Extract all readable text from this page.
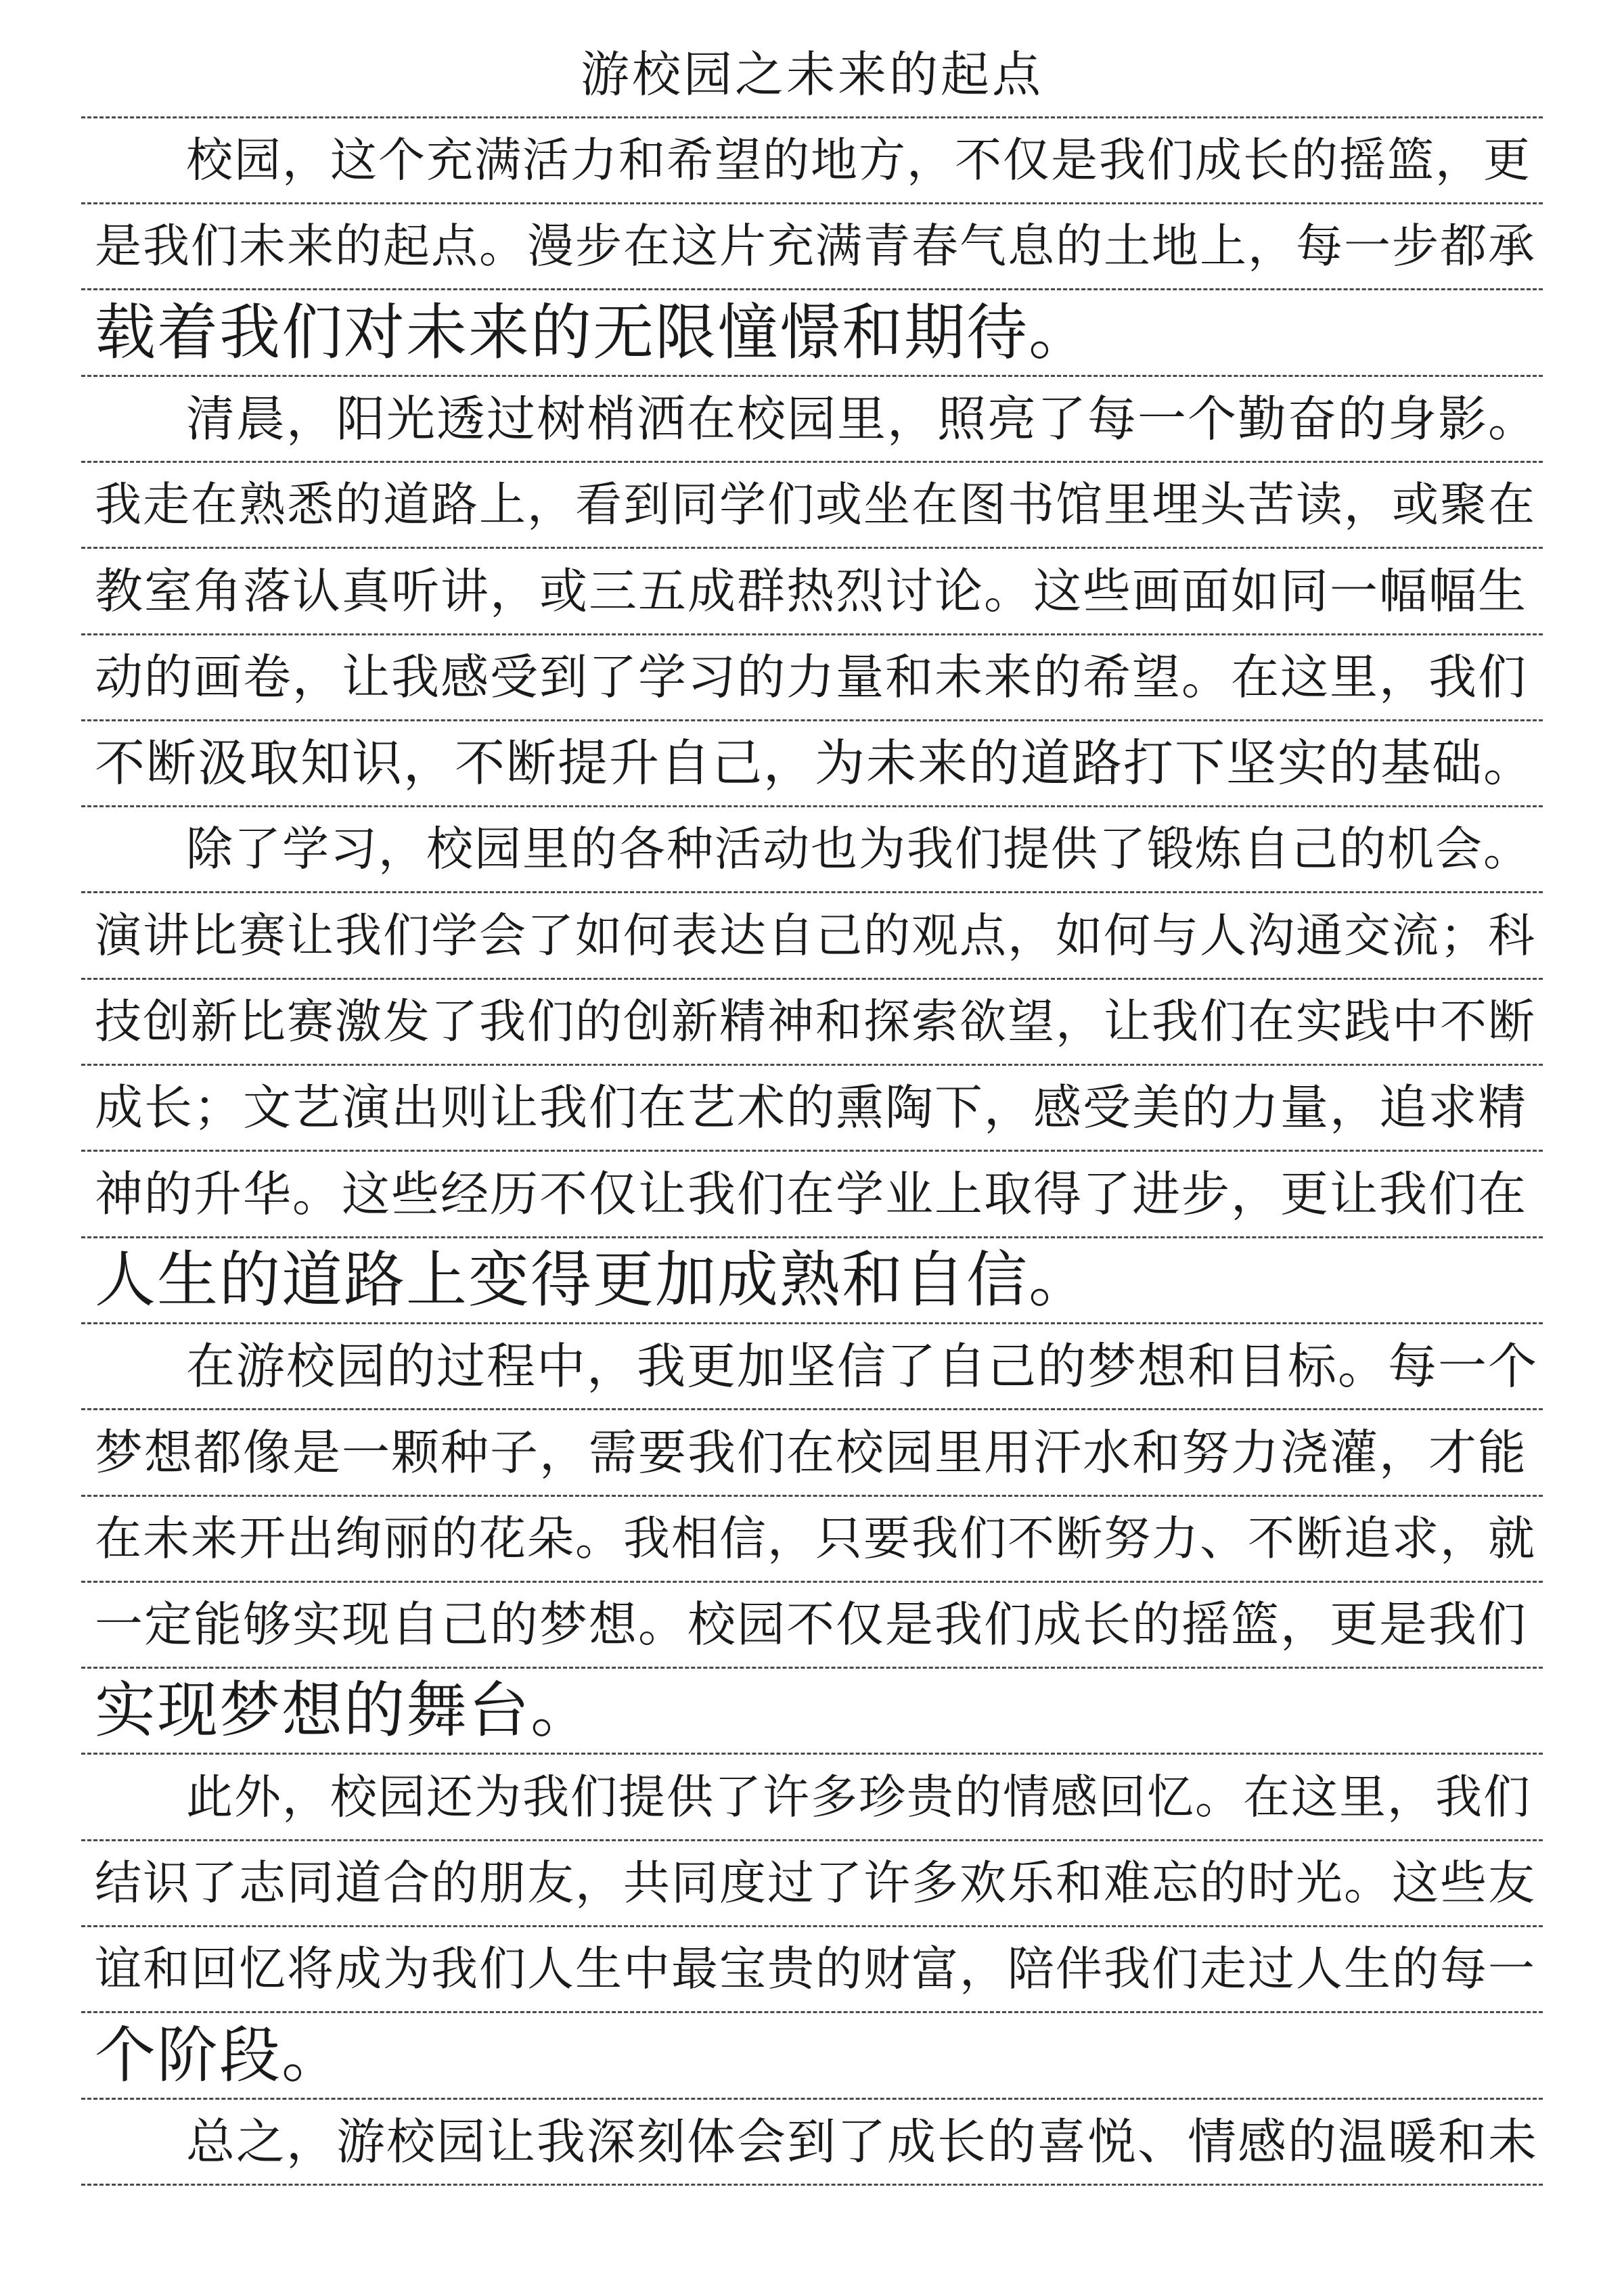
游校园之未来的起点
校园，这个充满活力和希望的地方，不仅是我们成长的摇篮，更
是我们未来的起点。漫步在这片充满青春气息的土地上，每一步都承
载着我们对未来的无限憧憬和期待。
清晨，阳光透过树梢洒在校园里，照亮了每一个勤奋的身影。
我走在熟悉的道路上，看到同学们或坐在图书馆里埋头苦读，或聚在
教室角落认真听讲，或三五成群热烈讨论。这些画面如同一幅幅生
动的画卷，让我感受到了学习的力量和未来的希望。在这里，我们
不断汲取知识，不断提升自己，为未来的道路打下坚实的基础。
除了学习，校园里的各种活动也为我们提供了锻炼自己的机会。
演讲比赛让我们学会了如何表达自己的观点，如何与人沟通交流；科
技创新比赛激发了我们的创新精神和探索欲望，让我们在实践中不断
成长；文艺演出则让我们在艺术的熏陶下，感受美的力量，追求精
神的升华。这些经历不仅让我们在学业上取得了进步，更让我们在
人生的道路上变得更加成熟和自信。
在游校园的过程中，我更加坚信了自己的梦想和目标。每一个
梦想都像是一颗种子，需要我们在校园里用汗水和努力浇灌，才能
在未来开出绚丽的花朵。我相信，只要我们不断努力、不断追求，就
一定能够实现自己的梦想。校园不仅是我们成长的摇篮，更是我们
实现梦想的舞台。
此外，校园还为我们提供了许多珍贵的情感回忆。在这里，我们
结识了志同道合的朋友，共同度过了许多欢乐和难忘的时光。这些友
谊和回忆将成为我们人生中最宝贵的财富，陪伴我们走过人生的每一
个阶段。
总之，游校园让我深刻体会到了成长的喜悦、情感的温暖和未
